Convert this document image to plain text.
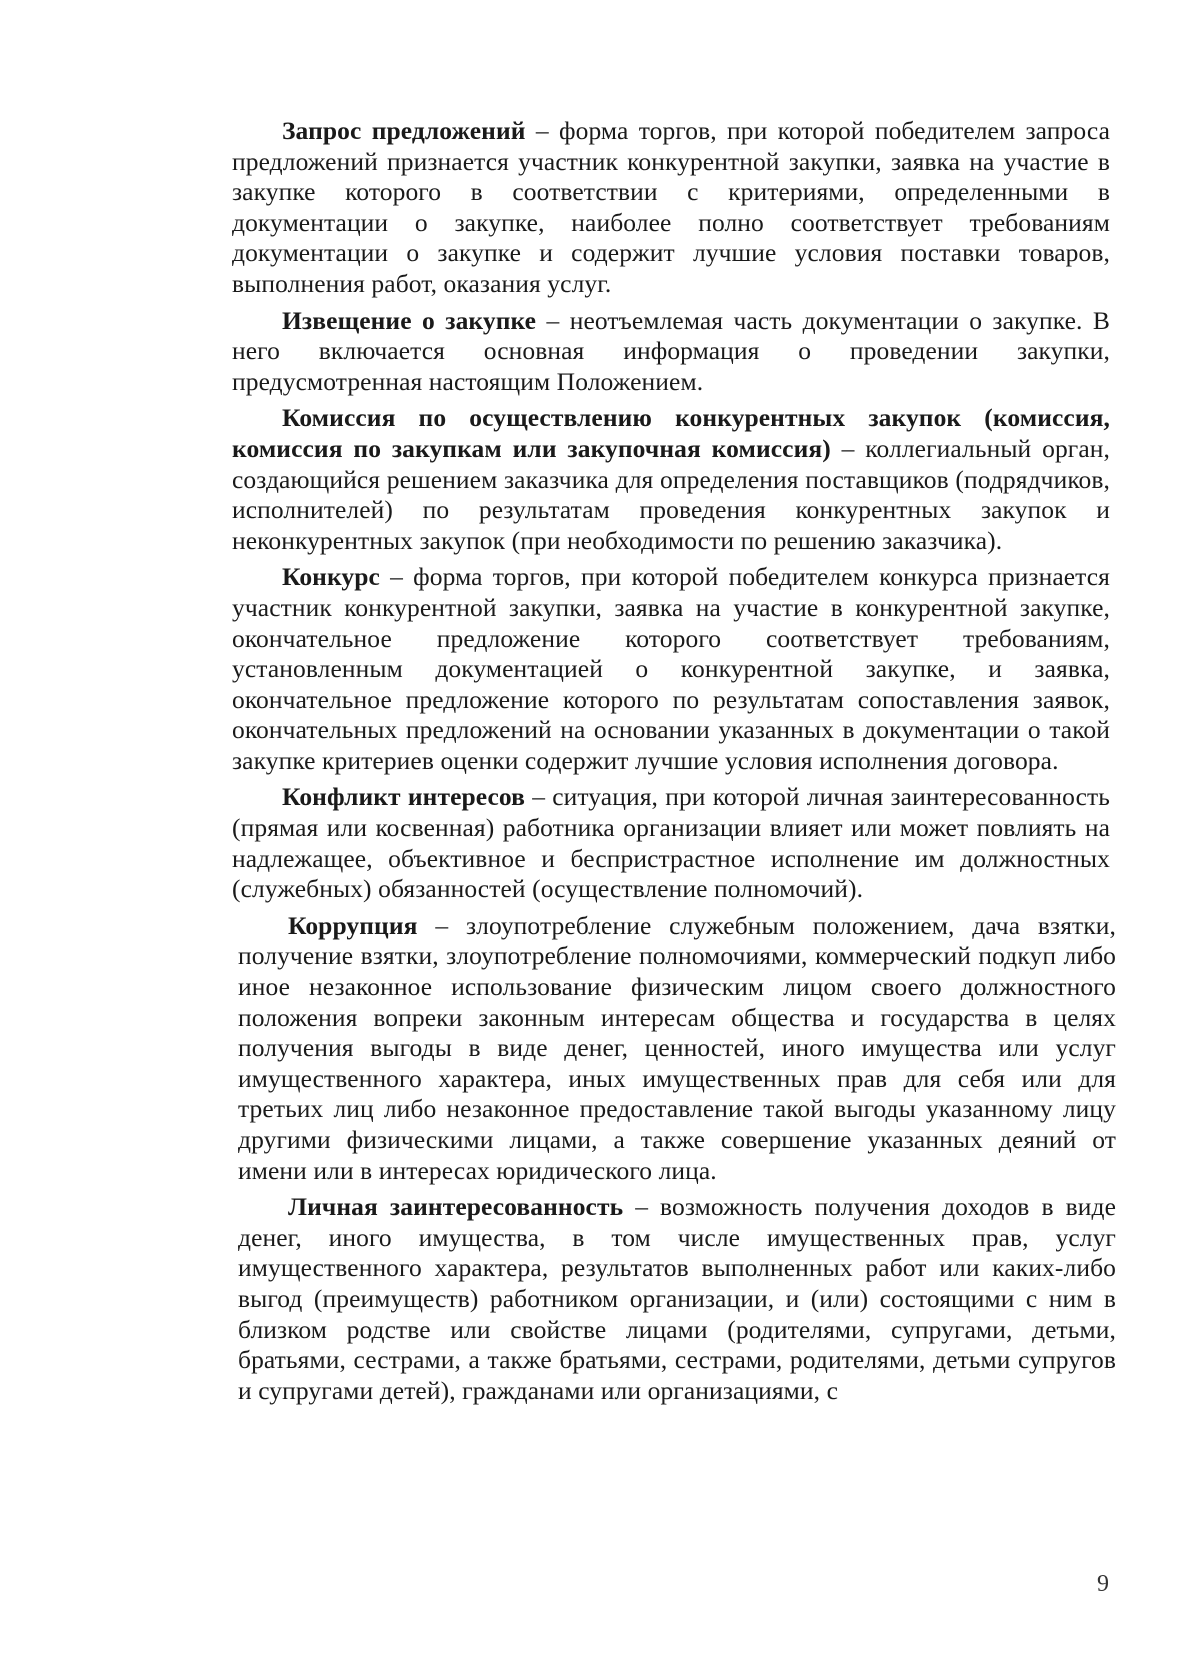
Запрос предложений – форма торгов, при которой победителем запроса предложений признается участник конкурентной закупки, заявка на участие в закупке которого в соответствии с критериями, определенными в документации о закупке, наиболее полно соответствует требованиям документации о закупке и содержит лучшие условия поставки товаров, выполнения работ, оказания услуг.

Извещение о закупке – неотъемлемая часть документации о закупке. В него включается основная информация о проведении закупки, предусмотренная настоящим Положением.

Комиссия по осуществлению конкурентных закупок (комиссия, комиссия по закупкам или закупочная комиссия) – коллегиальный орган, создающийся решением заказчика для определения поставщиков (подрядчиков, исполнителей) по результатам проведения конкурентных закупок и неконкурентных закупок (при необходимости по решению заказчика).

Конкурс – форма торгов, при которой победителем конкурса признается участник конкурентной закупки, заявка на участие в конкурентной закупке, окончательное предложение которого соответствует требованиям, установленным документацией о конкурентной закупке, и заявка, окончательное предложение которого по результатам сопоставления заявок, окончательных предложений на основании указанных в документации о такой закупке критериев оценки содержит лучшие условия исполнения договора.

Конфликт интересов – ситуация, при которой личная заинтересованность (прямая или косвенная) работника организации влияет или может повлиять на надлежащее, объективное и беспристрастное исполнение им должностных (служебных) обязанностей (осуществление полномочий).

Коррупция – злоупотребление служебным положением, дача взятки, получение взятки, злоупотребление полномочиями, коммерческий подкуп либо иное незаконное использование физическим лицом своего должностного положения вопреки законным интересам общества и государства в целях получения выгоды в виде денег, ценностей, иного имущества или услуг имущественного характера, иных имущественных прав для себя или для третьих лиц либо незаконное предоставление такой выгоды указанному лицу другими физическими лицами, а также совершение указанных деяний от имени или в интересах юридического лица.

Личная заинтересованность – возможность получения доходов в виде денег, иного имущества, в том числе имущественных прав, услуг имущественного характера, результатов выполненных работ или каких-либо выгод (преимуществ) работником организации, и (или) состоящими с ним в близком родстве или свойстве лицами (родителями, супругами, детьми, братьями, сестрами, а также братьями, сестрами, родителями, детьми супругов и супругами детей), гражданами или организациями, с

9
